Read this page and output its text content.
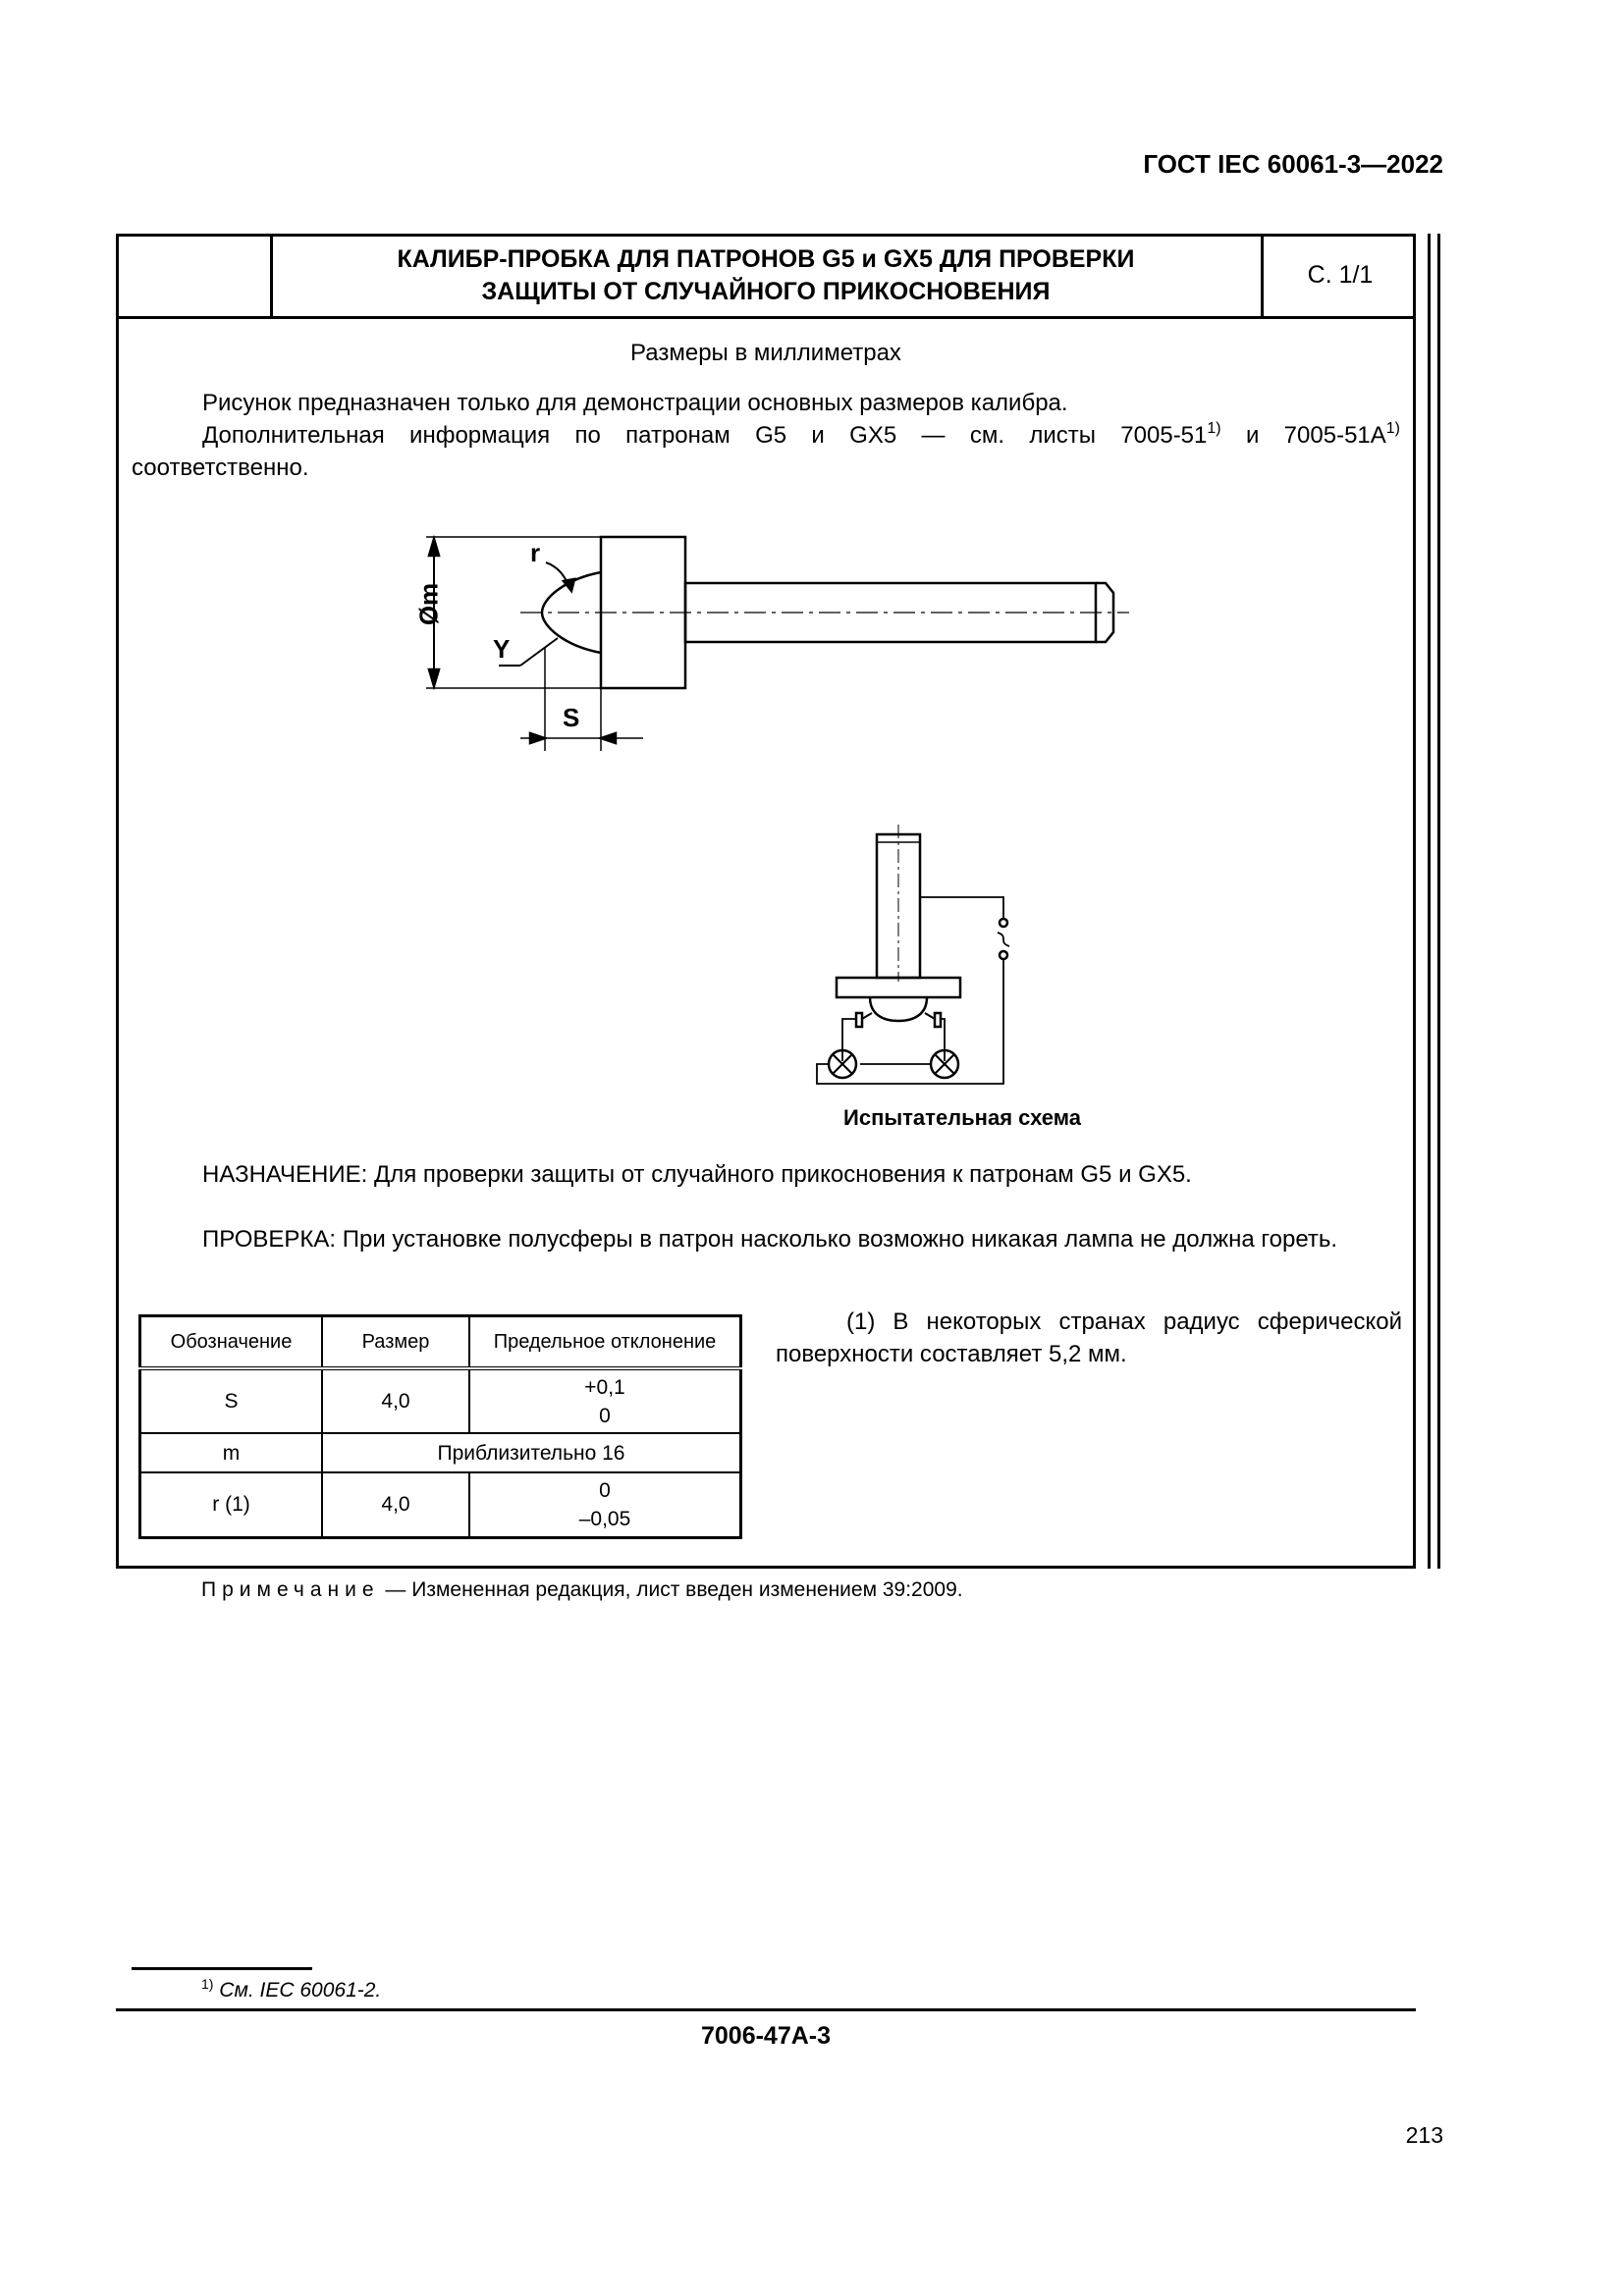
ГОСТ IEC 60061-3—2022
КАЛИБР-ПРОБКА ДЛЯ ПАТРОНОВ G5 и GX5 ДЛЯ ПРОВЕРКИ
ЗАЩИТЫ ОТ СЛУЧАЙНОГО ПРИКОСНОВЕНИЯ
С. 1/1
Размеры в миллиметрах
Рисунок предназначен только для демонстрации основных размеров калибра.
Дополнительная информация по патронам G5 и GX5 — см. листы 7005-51$^{1)}$ и $7005-51A^{1)}$
соответственно.
Øm
r
Y
S
Испытательная схема
НАЗНАЧЕНИЕ: Для проверки защиты от случайного прикосновения к патронам G5 и GX5.
ПРОВЕРКА: При установке полусферы в патрон насколько возможно никакая лампа не должна гореть.
Обозначение	Размер	Предельное отклонение
S	4,0	+0,1
0

m	Приблизительно 16	
r (1)	4,0	0
–0,05
(1) В некоторых странах радиус сферической поверхности составляет 5,2 мм.
Примечание — Измененная редакция, лист введен изменением 39:2009.
$^{1)}$ См. IEC 60061-2.
7006-47A-3
213
